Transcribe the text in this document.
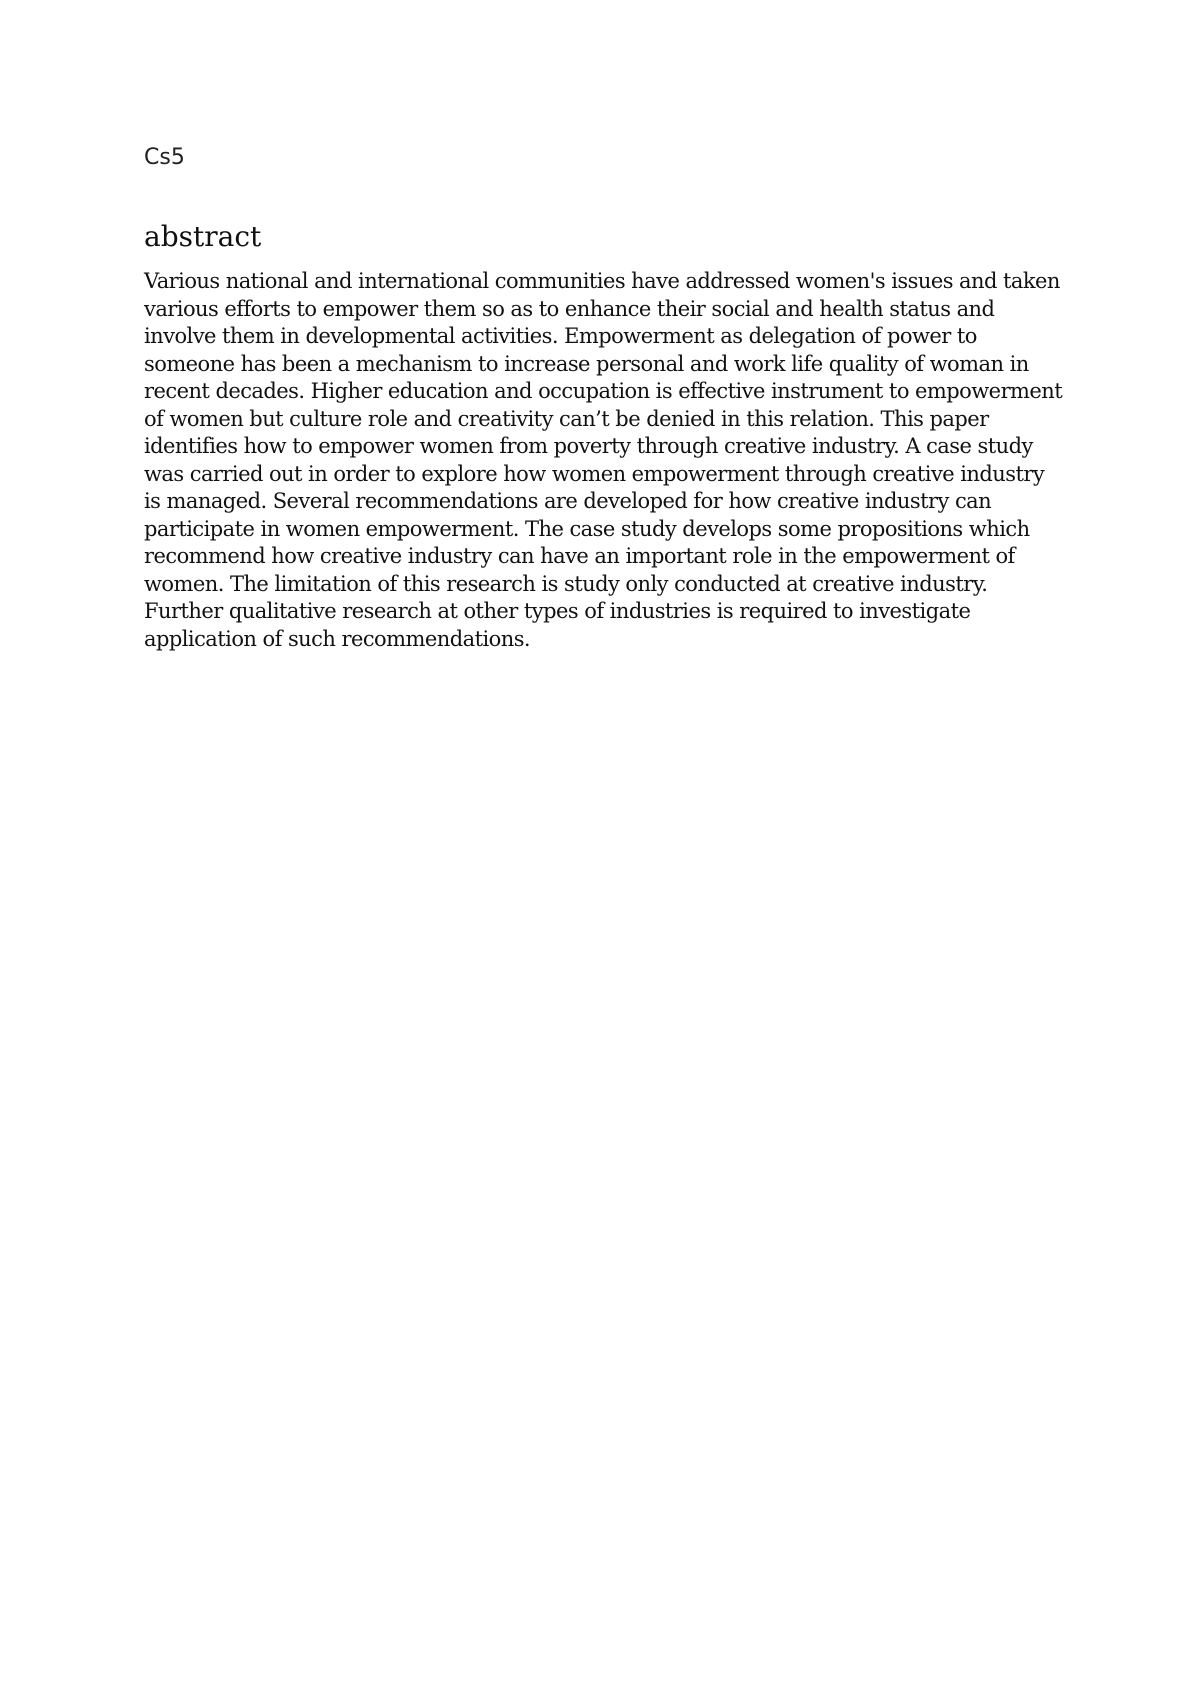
Cs5

abstract

Various national and international communities have addressed women's issues and taken various efforts to empower them so as to enhance their social and health status and involve them in developmental activities. Empowerment as delegation of power to someone has been a mechanism to increase personal and work life quality of woman in recent decades. Higher education and occupation is effective instrument to empowerment of women but culture role and creativity can’t be denied in this relation. This paper identifies how to empower women from poverty through creative industry. A case study was carried out in order to explore how women empowerment through creative industry is managed. Several recommendations are developed for how creative industry can participate in women empowerment. The case study develops some propositions which recommend how creative industry can have an important role in the empowerment of women. The limitation of this research is study only conducted at creative industry. Further qualitative research at other types of industries is required to investigate application of such recommendations.
